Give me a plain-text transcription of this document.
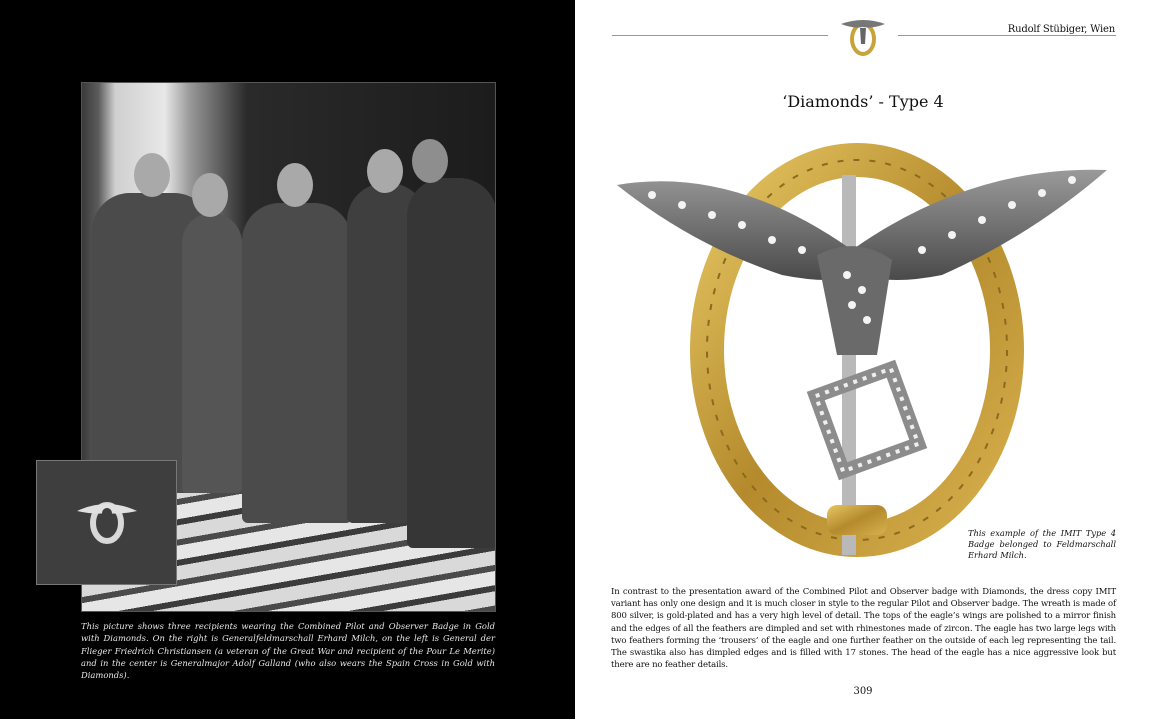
This picture shows three recipients wearing the Combined Pilot and Observer Badge in Gold with Diamonds. On the right is Generalfeldmarschall Erhard Milch, on the left is General der Flieger Friedrich Christiansen (a veteran of the Great War and recipient of the Pour Le Merite) and in the center is Generalmajor Adolf Galland (who also wears the Spain Cross in Gold with Diamonds).
Rudolf Stübiger, Wien
‘Diamonds’ - Type 4
This example of the IMIT Type 4 Badge belonged to Feldmarschall Erhard Milch.
In contrast to the presentation award of the Combined Pilot and Observer badge with Diamonds, the dress copy IMIT variant has only one design and it is much closer in style to the regular Pilot and Observer badge. The wreath is made of 800 silver, is gold-plated and has a very high level of detail. The tops of the eagle’s wings are polished to a mirror finish and the edges of all the feathers are dimpled and set with rhinestones made of zircon. The eagle has two large legs with two feathers forming the ‘trousers’ of the eagle and one further feather on the outside of each leg representing the tail. The swastika also has dimpled edges and is filled with 17 stones. The head of the eagle has a nice aggressive look but there are no feather details.
309
